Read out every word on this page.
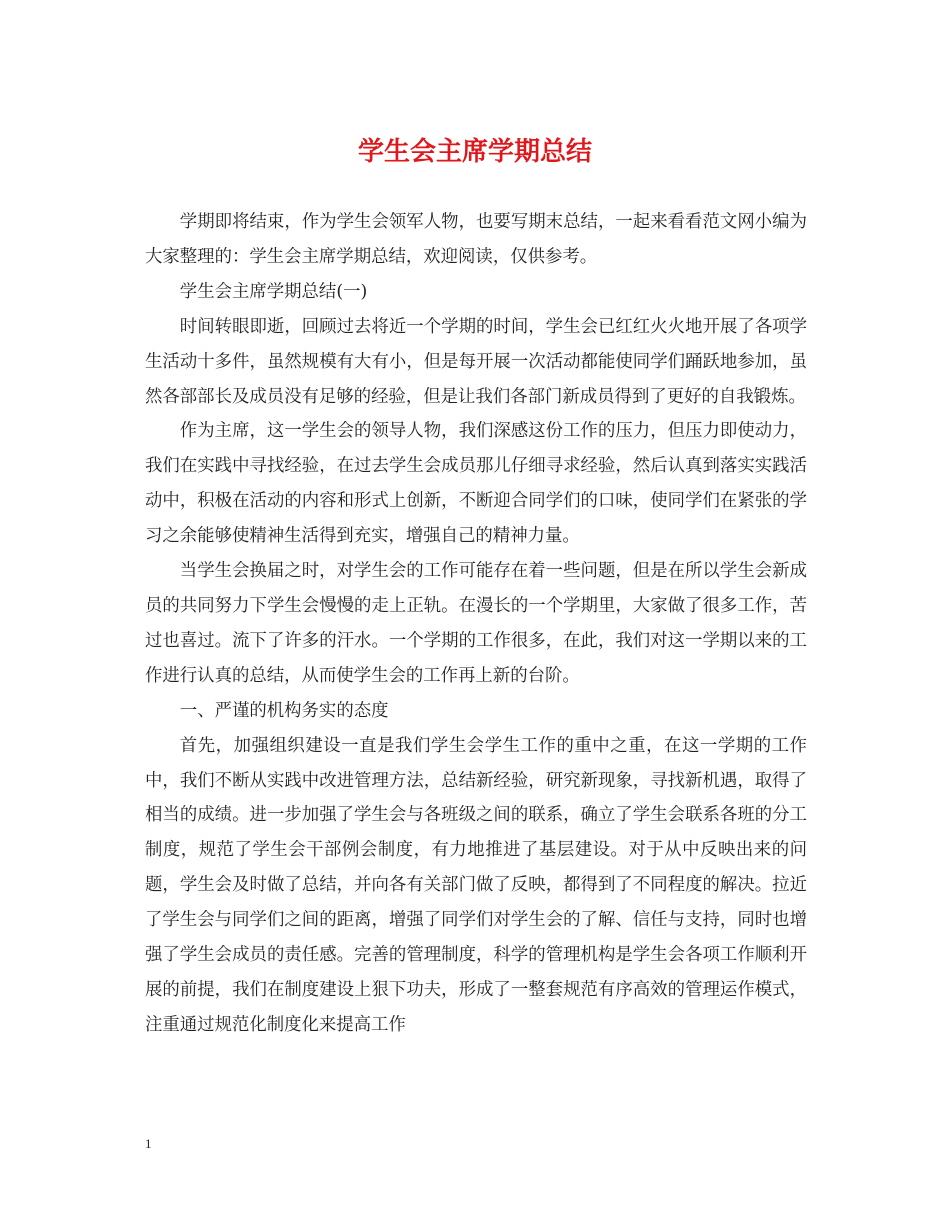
学生会主席学期总结

学期即将结束，作为学生会领军人物，也要写期末总结，一起来看看范文网小编为大家整理的：学生会主席学期总结，欢迎阅读，仅供参考。

学生会主席学期总结(一)

时间转眼即逝，回顾过去将近一个学期的时间，学生会已红红火火地开展了各项学生活动十多件，虽然规模有大有小，但是每开展一次活动都能使同学们踊跃地参加，虽然各部部长及成员没有足够的经验，但是让我们各部门新成员得到了更好的自我锻炼。

作为主席，这一学生会的领导人物，我们深感这份工作的压力，但压力即使动力，我们在实践中寻找经验，在过去学生会成员那儿仔细寻求经验，然后认真到落实实践活动中，积极在活动的内容和形式上创新，不断迎合同学们的口味，使同学们在紧张的学习之余能够使精神生活得到充实，增强自己的精神力量。

当学生会换届之时，对学生会的工作可能存在着一些问题，但是在所以学生会新成员的共同努力下学生会慢慢的走上正轨。在漫长的一个学期里，大家做了很多工作，苦过也喜过。流下了许多的汗水。一个学期的工作很多，在此，我们对这一学期以来的工作进行认真的总结，从而使学生会的工作再上新的台阶。

一、严谨的机构务实的态度

首先，加强组织建设一直是我们学生会学生工作的重中之重，在这一学期的工作中，我们不断从实践中改进管理方法，总结新经验，研究新现象，寻找新机遇，取得了相当的成绩。进一步加强了学生会与各班级之间的联系，确立了学生会联系各班的分工制度，规范了学生会干部例会制度，有力地推进了基层建设。对于从中反映出来的问题，学生会及时做了总结，并向各有关部门做了反映，都得到了不同程度的解决。拉近了学生会与同学们之间的距离，增强了同学们对学生会的了解、信任与支持，同时也增强了学生会成员的责任感。完善的管理制度，科学的管理机构是学生会各项工作顺利开展的前提，我们在制度建设上狠下功夫，形成了一整套规范有序高效的管理运作模式，注重通过规范化制度化来提高工作

1
